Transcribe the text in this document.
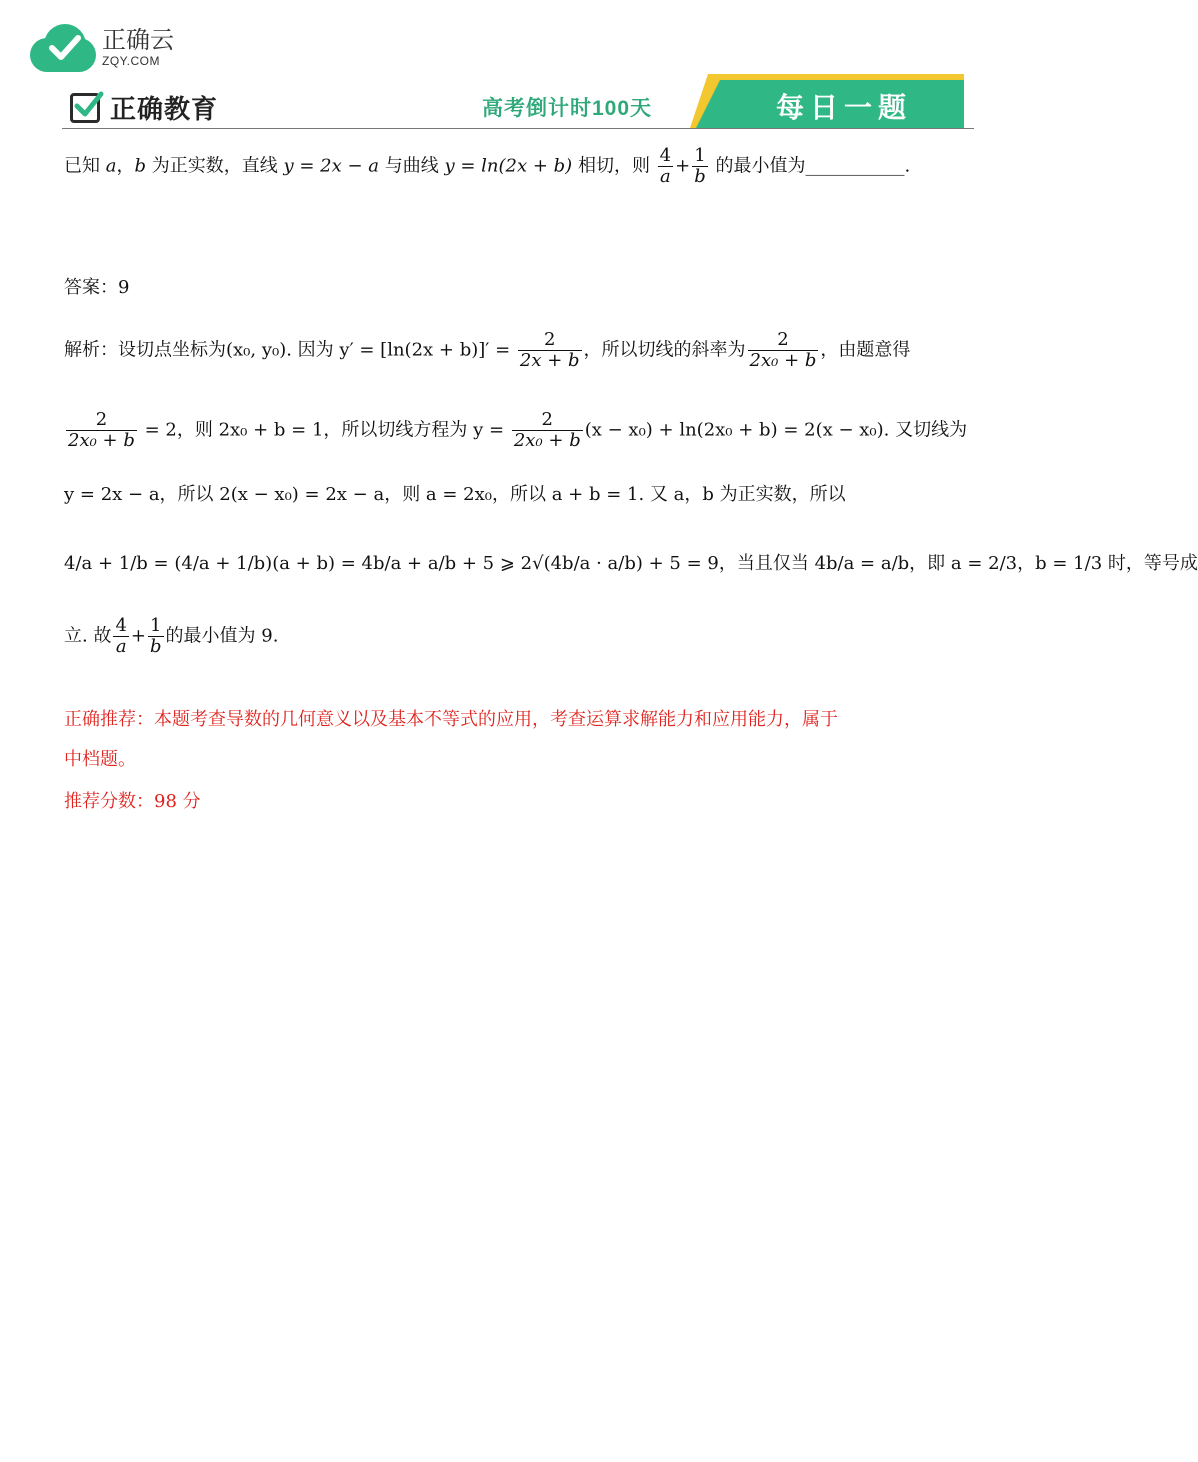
正确云
ZQY.COM
正确教育	高考倒计时100天	每日一题
已知 a，b 为正实数，直线 y = 2x − a 与曲线 y = ln(2x + b) 相切，则 $\frac{4}{a} + \frac{1}{b}$ 的最小值为___________.
答案：9
解析：设切点坐标为(x₀, y₀). 因为 $y' = [\ln(2x + b)]' = \frac{2}{2x + b}$ ，所以切线的斜率为 $\frac{2}{\text{2x₀ + b}}$ ，由题意得
$\frac{2}{\text{2x₀ + b}} = 2$，则 2x₀ + b = 1，所以切线方程为 $y = \frac{2}{\text{2x₀ + b}} (x - x_0) + \ln(2x_0 + b) = 2(x - x_0)$. 又切线为
y = 2x − a，所以 2(x − x₀) = 2x − a，则 a = 2x₀，所以 a + b = 1. 又 a，b 为正实数，所以
4/a + 1/b = (4/a + 1/b)(a + b) = 4b/a + a/b + 5 ⩾ 2√(4b/a · a/b) + 5 = 9，当且仅当 4b/a = a/b，即 a = 2/3，b = 1/3 时，等号成
立. 故 $\frac{4}{a} + \frac{1}{b}$ 的最小值为 9.
正确推荐：本题考查导数的几何意义以及基本不等式的应用，考查运算求解能力和应用能力，属于
中档题。
推荐分数：98 分
